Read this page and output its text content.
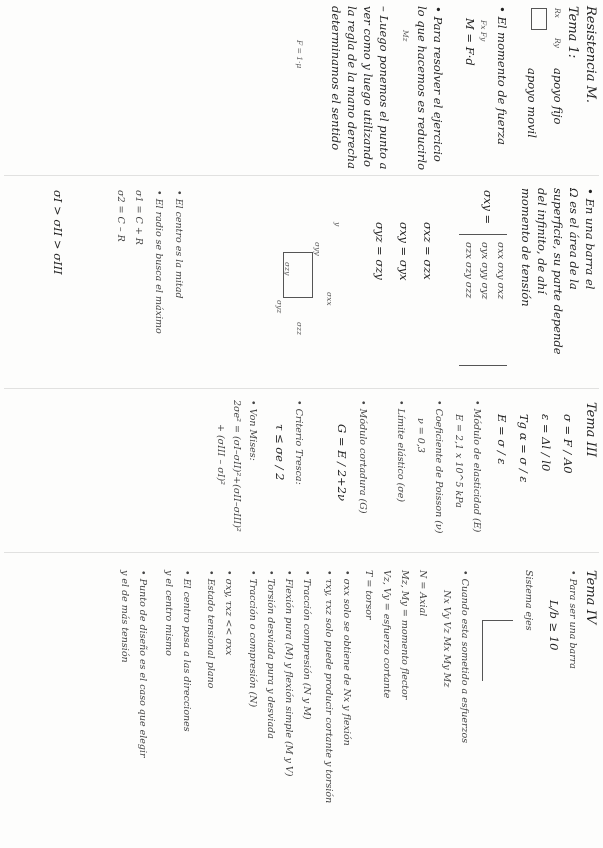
Resistencia M.
Tema 1:
Rx
Ry
apoyo fijo
apoyo movil
• El momento de fuerza
Fx Fy
M = F·d
• Para resolver el ejercicio
lo que hacemos es reducirlo
Mz
– Luego ponemos el punto a
ver como y luego utilizando
la regla de la mano derecha
determinamos el sentido
F = 1·μ
• En una barra el
Ω es el área de la
superficie, su parte depende
del infinito, de ahí
momento de tensión
σxy =
σxx σxy σxz
σyx σyy σyz
σzx σzy σzz
σxz = σzx
σxy = σyx
σyz = σzy
y
σyy
σxx
σzz
σzy
σyz
Tema III
σ = F / A0
ε = Δl / l0
Tg α = σ / ε
E = σ / ε
• Módulo de elasticidad (E)
E = 2,1 x 10^5 kPa
• Coeficiente de Poisson (ν)
ν = 0,3
• Límite elástico (σe)
• Módulo cortadura (G)
G = E / 2+2ν
• Criterio Tresca:
τ ≤ σe / 2
• Von Mises:
2σe² = (σI–σII)²+(σII–σIII)²
+ (σIII – σI)²
• El centro es la mitad
• El radio se busca el máximo
σ1 = C + R
σ2 = C – R
σI > σII > σIII
Tema IV
• Para ser una barra
L/b ≥ 10
Sistema ejes
• Cuando esta sometido a esfuerzos
Nx Vy Vz Mx My Mz
N = Axial
Mz, My = momento flector
Vz, Vy = esfuerzo cortante
T = torsor
• σxx solo se obtiene de Nx y flexión
• τxy, τxz solo puede producir cortante y torsión
• Tracción compresión (N y M)
• Flexión pura (M) y flexión simple (M y V)
• Torsión desviada pura y desviada
• Tracción o compresión (N)
• σxy, τxz << σxx
• Estado tensional plano
• El centro pasa a las direcciones
y el centro mismo
• Punto de diseño es el caso que elegir
y el de más tensión
